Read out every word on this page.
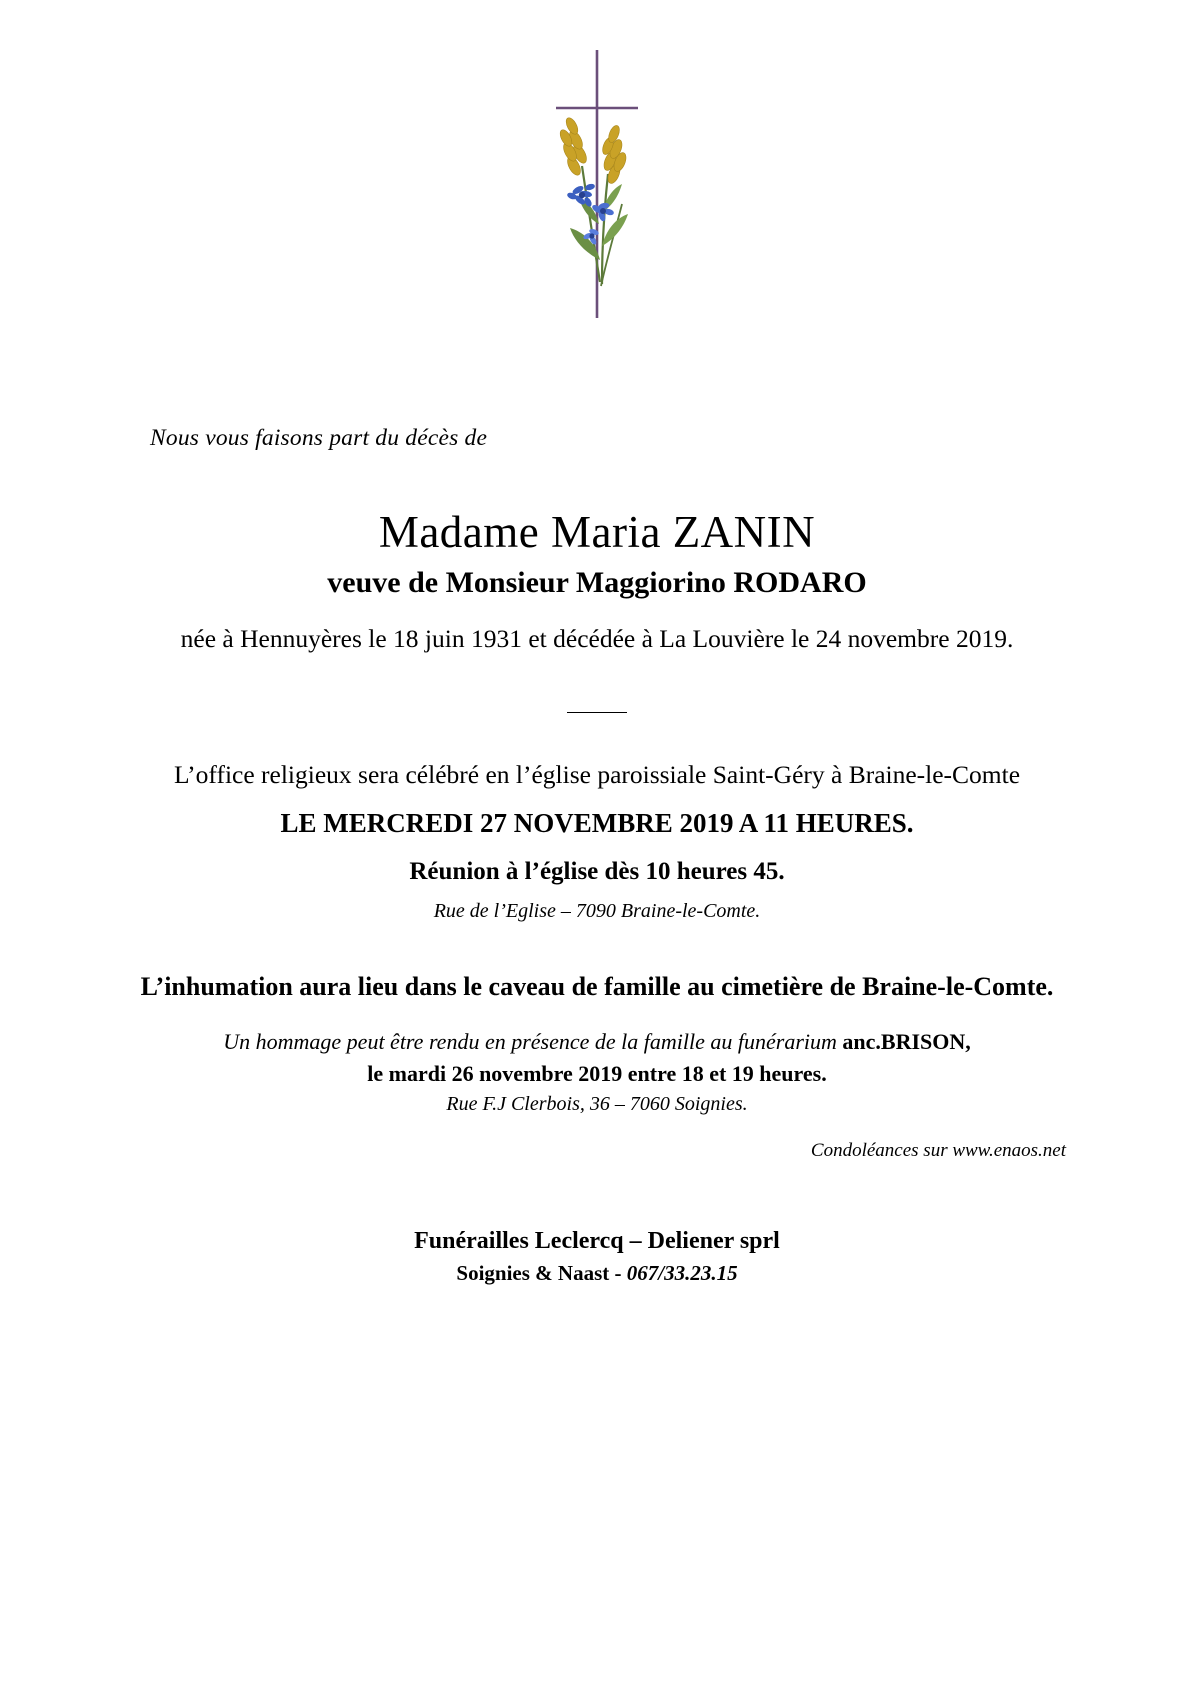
Nous vous faisons part du décès de
Madame Maria ZANIN
veuve de Monsieur Maggiorino RODARO
née à Hennuyères le 18 juin 1931 et décédée à La Louvière le 24 novembre 2019.
L’office religieux sera célébré en l’église paroissiale Saint-Géry à Braine-le-Comte
LE MERCREDI 27 NOVEMBRE 2019 A 11 HEURES.
Réunion à l’église dès 10 heures 45.
Rue de l’Eglise – 7090 Braine-le-Comte.
L’inhumation aura lieu dans le caveau de famille au cimetière de Braine-le-Comte.
Un hommage peut être rendu en présence de la famille au funérarium anc.BRISON,
le mardi 26 novembre 2019 entre 18 et 19 heures.
Rue F.J Clerbois, 36 – 7060 Soignies.
Condoléances sur www.enaos.net
Funérailles Leclercq – Deliener sprl
Soignies & Naast - 067/33.23.15
